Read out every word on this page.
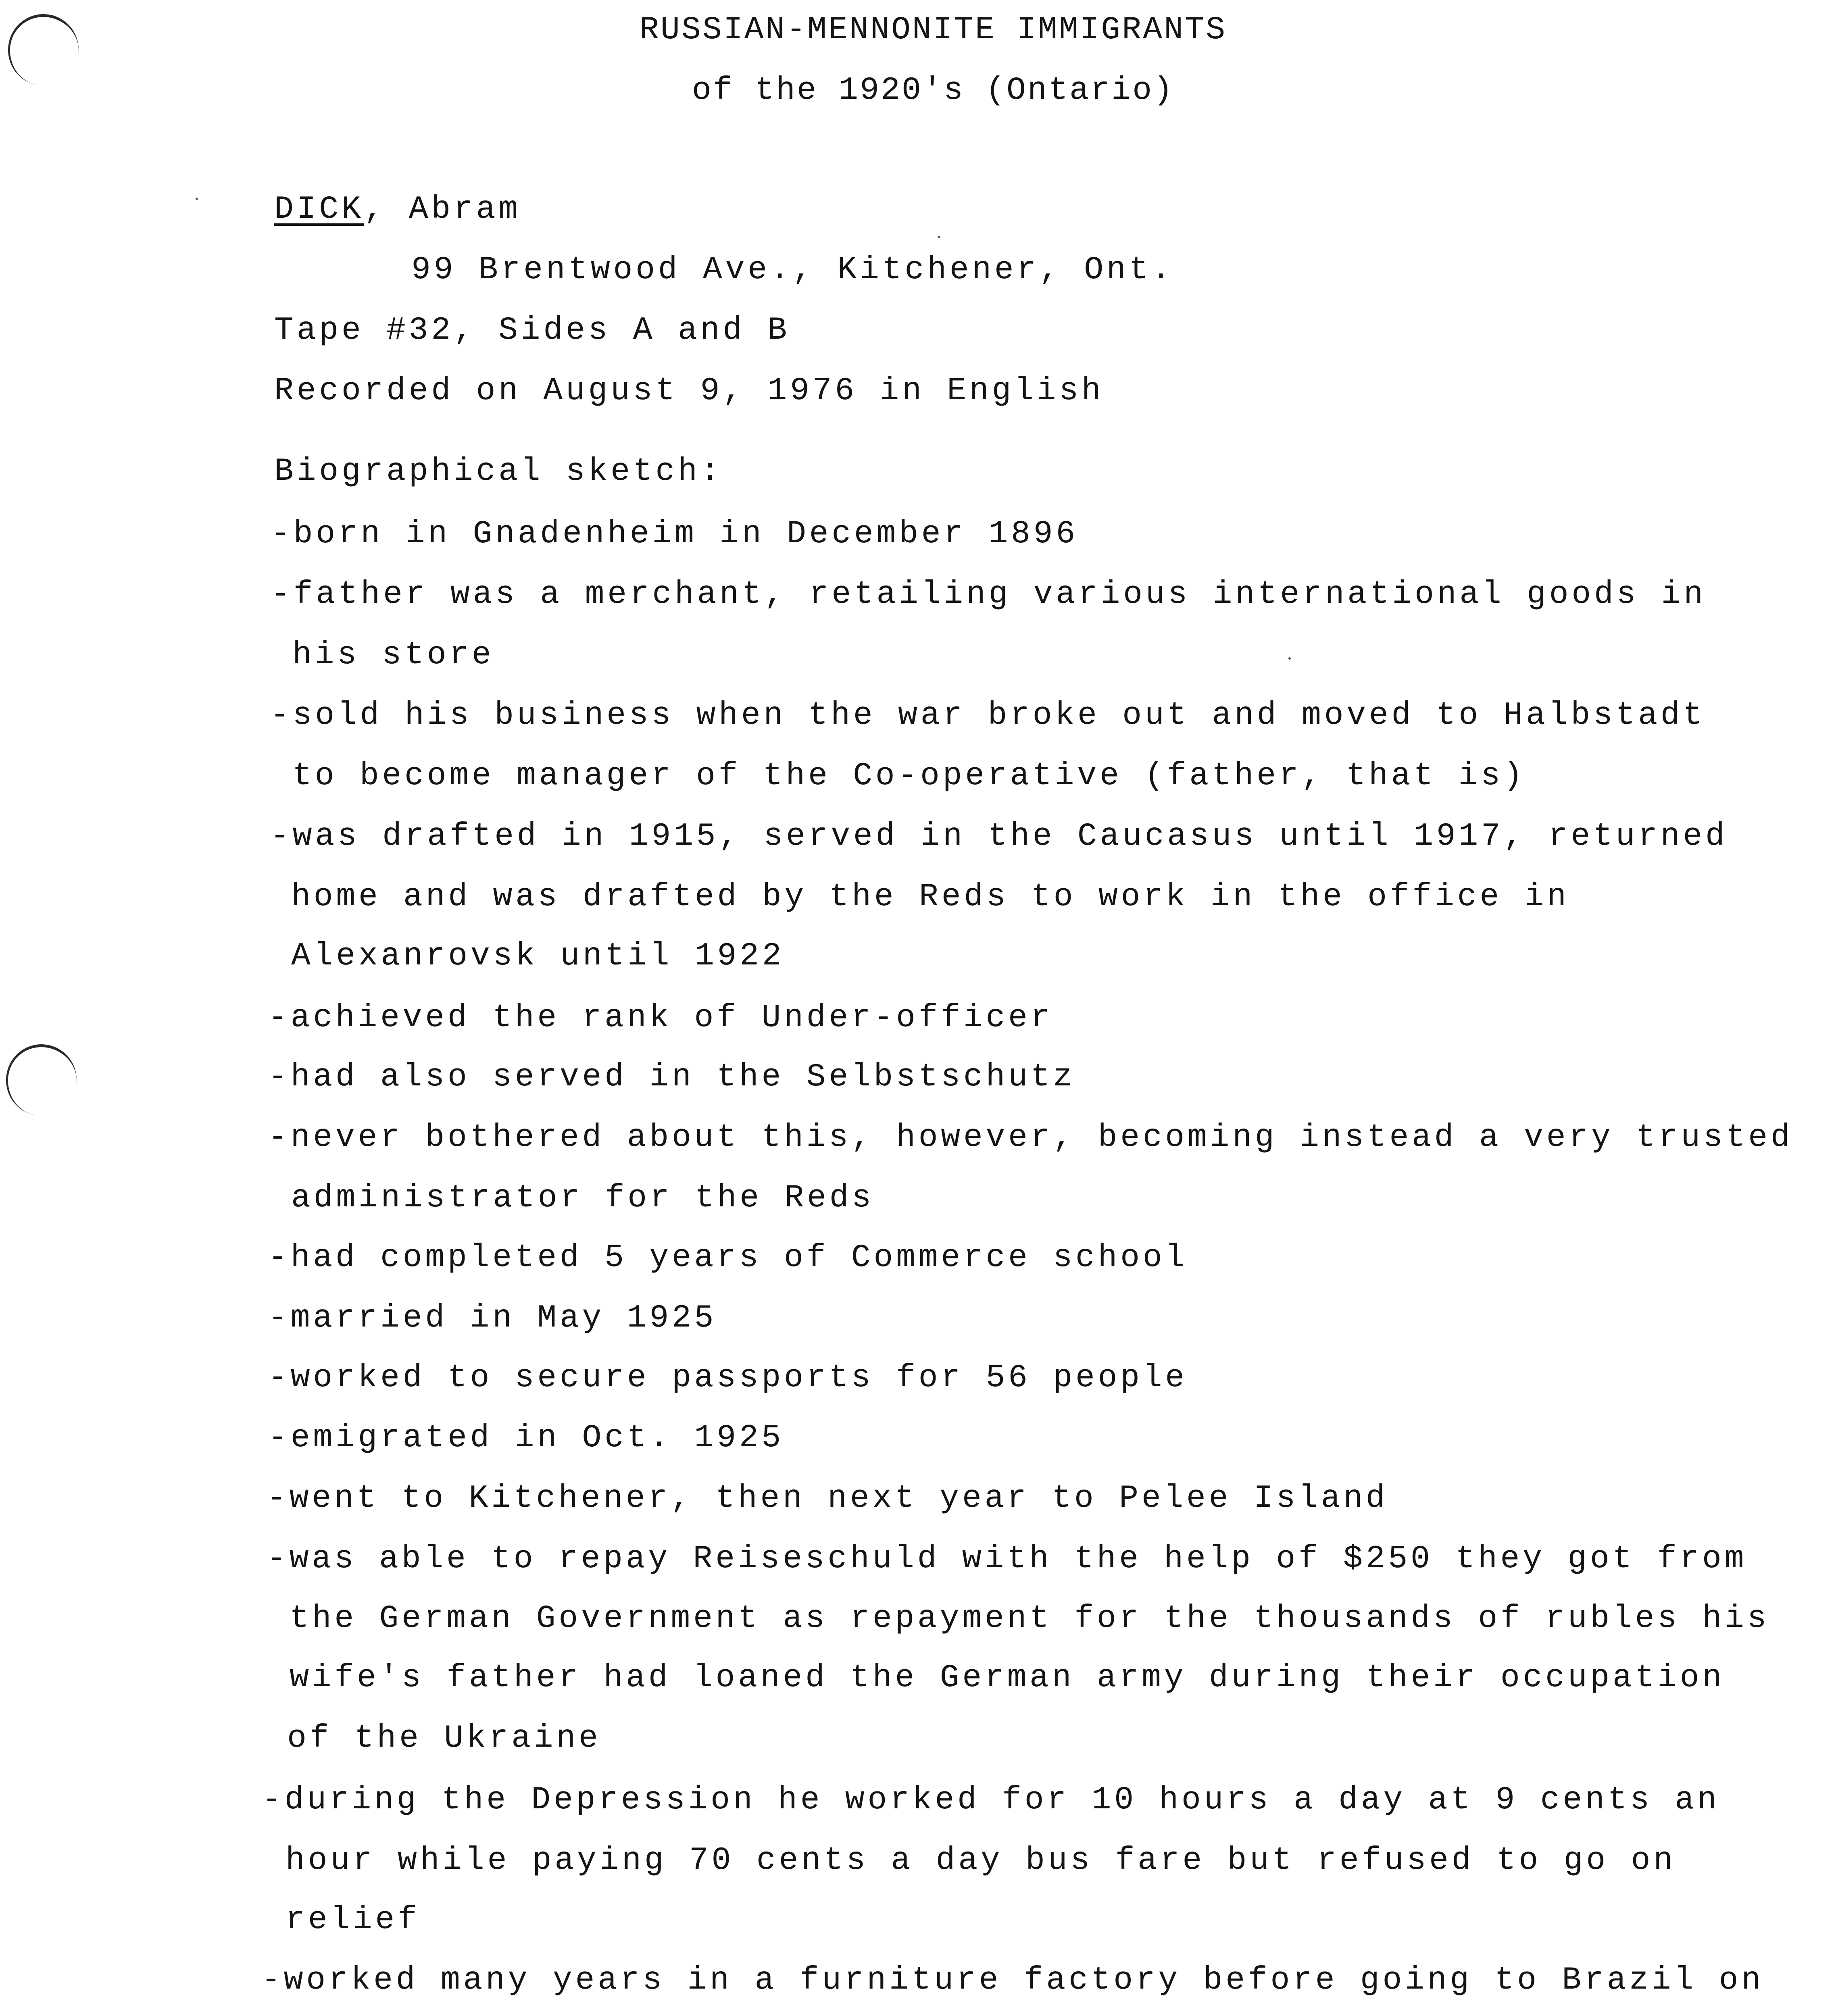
RUSSIAN-MENNONITE IMMIGRANTS
of the 1920's (Ontario)
DICK, Abram
99 Brentwood Ave., Kitchener, Ont.
Tape #32, Sides A and B
Recorded on August 9, 1976 in English
Biographical sketch:
-born in Gnadenheim in December 1896
-father was a merchant, retailing various international goods in
his store
-sold his business when the war broke out and moved to Halbstadt
to become manager of the Co-operative (father, that is)
-was drafted in 1915, served in the Caucasus until 1917, returned
home and was drafted by the Reds to work in the office in
Alexanrovsk until 1922
-achieved the rank of Under-officer
-had also served in the Selbstschutz
-never bothered about this, however, becoming instead a very trusted
administrator for the Reds
-had completed 5 years of Commerce school
-married in May 1925
-worked to secure passports for 56 people
-emigrated in Oct. 1925
-went to Kitchener, then next year to Pelee Island
-was able to repay Reiseschuld with the help of $250 they got from
the German Government as repayment for the thousands of rubles his
wife's father had loaned the German army during their occupation
of the Ukraine
-during the Depression he worked for 10 hours a day at 9 cents an
hour while paying 70 cents a day bus fare but refused to go on
relief
-worked many years in a furniture factory before going to Brazil on
